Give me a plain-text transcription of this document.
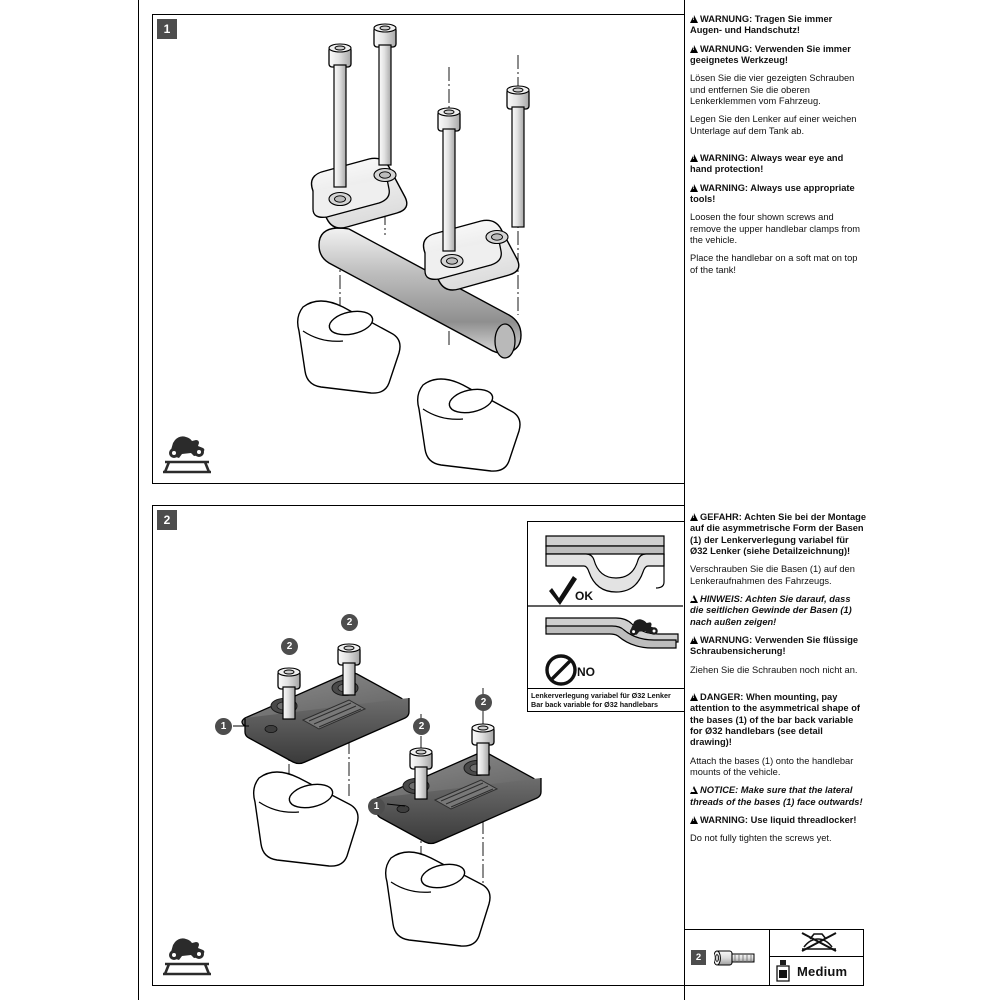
1
2
1
1
2
2
2
2
NO
OK
Lenkerverlegung variabel für Ø32 Lenker
Bar back variable for Ø32 handlebars

!WARNUNG: Tragen Sie immer Augen- und Handschutz!

!WARNUNG: Verwenden Sie immer geeignetes Werkzeug!

Lösen Sie die vier gezeigten Schrauben und entfernen Sie die oberen Lenkerklemmen vom Fahrzeug.

Legen Sie den Lenker auf einer weichen Unterlage auf dem Tank ab.

!WARNING: Always wear eye and hand protection!

!WARNING: Always use appropriate tools!

Loosen the four shown screws and remove the upper handlebar clamps from the vehicle.

Place the handlebar on a soft mat on top of the tank!

!GEFAHR: Achten Sie bei der Montage auf die asymmetrische Form der Basen (1) der Lenkerverlegung variabel für Ø32 Lenker (siehe Detailzeichnung)!

Verschrauben Sie die Basen (1) auf den Lenkeraufnahmen des Fahrzeugs.

HINWEIS: Achten Sie darauf, dass die seitlichen Gewinde der Basen (1) nach außen zeigen!

!WARNUNG: Verwenden Sie flüssige Schraubensicherung!

Ziehen Sie die Schrauben noch nicht an.

!DANGER: When mounting, pay attention to the asymmetrical shape of the bases (1) of the bar back variable for Ø32 handlebars (see detail drawing)!

Attach the bases (1) onto the handlebar mounts of the vehicle.

NOTICE: Make sure that the lateral threads of the bases (1) face outwards!

!WARNING: Use liquid threadlocker!

Do not fully tighten the screws yet.

2
Medium
